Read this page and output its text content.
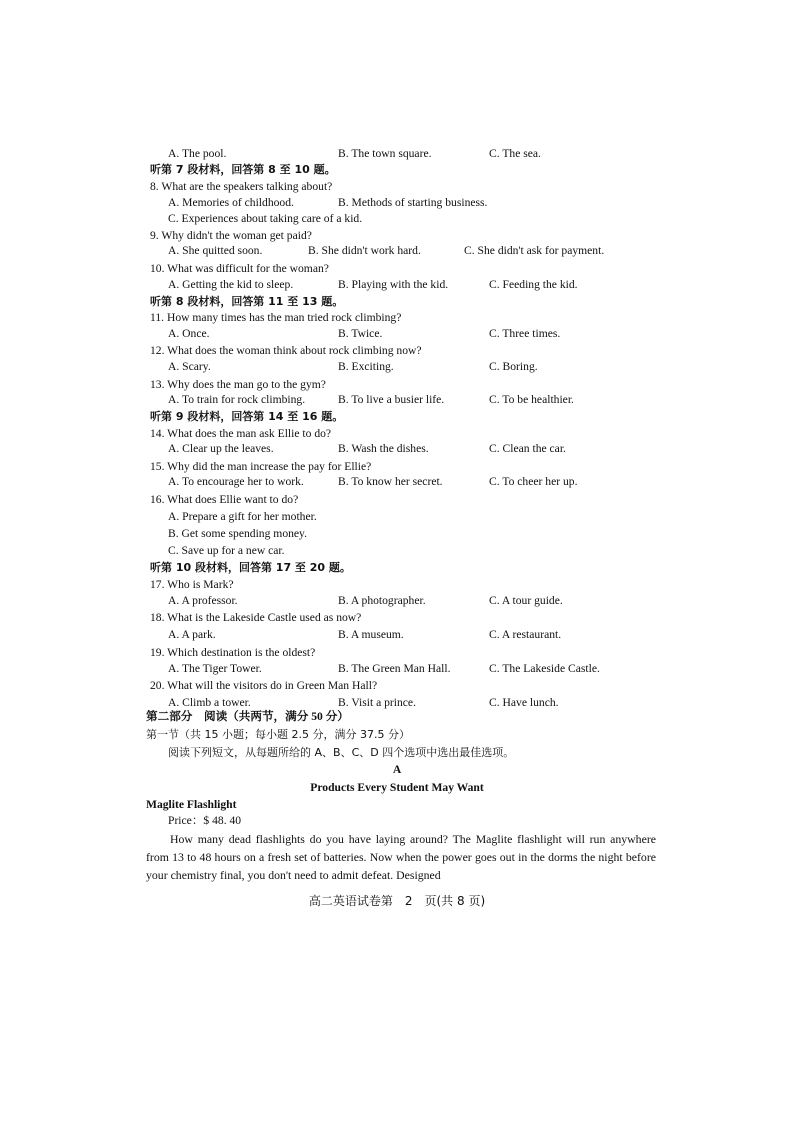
A. The pool.	B. The town square.	C. The sea.
听第 7 段材料，回答第 8 至 10 题。
8. What are the speakers talking about?
A. Memories of childhood.	B. Methods of starting business.
C. Experiences about taking care of a kid.
9. Why didn't the woman get paid?
A. She quitted soon.	B. She didn't work hard.	C. She didn't ask for payment.
10. What was difficult for the woman?
A. Getting the kid to sleep.	B. Playing with the kid.	C. Feeding the kid.
听第 8 段材料，回答第 11 至 13 题。
11. How many times has the man tried rock climbing?
A. Once.	B. Twice.	C. Three times.
12. What does the woman think about rock climbing now?
A. Scary.	B. Exciting.	C. Boring.
13. Why does the man go to the gym?
A. To train for rock climbing.	B. To live a busier life.	C. To be healthier.
听第 9 段材料，回答第 14 至 16 题。
14. What does the man ask Ellie to do?
A. Clear up the leaves.	B. Wash the dishes.	C. Clean the car.
15. Why did the man increase the pay for Ellie?
A. To encourage her to work.	B. To know her secret.	C. To cheer her up.
16. What does Ellie want to do?
A. Prepare a gift for her mother.
B. Get some spending money.
C. Save up for a new car.
听第 10 段材料，回答第 17 至 20 题。
17. Who is Mark?
A. A professor.	B. A photographer.	C. A tour guide.
18. What is the Lakeside Castle used as now?
A. A park.	B. A museum.	C. A restaurant.
19. Which destination is the oldest?
A. The Tiger Tower.	B. The Green Man Hall.	C. The Lakeside Castle.
20. What will the visitors do in Green Man Hall?
A. Climb a tower.	B. Visit a prince.	C. Have lunch.
第二部分　阅读（共两节，满分 50 分）
第一节（共 15 小题；每小题 2.5 分，满分 37.5 分）
阅读下列短文，从每题所给的 A、B、C、D 四个选项中选出最佳选项。
A
Products Every Student May Want
Maglite Flashlight
Price：$ 48. 40
How many dead flashlights do you have laying around? The Maglite flashlight will run anywhere from 13 to 48 hours on a fresh set of batteries. Now when the power goes out in the dorms the night before your chemistry final, you don't need to admit defeat. Designed
高二英语试卷第　2　页(共 8 页)
